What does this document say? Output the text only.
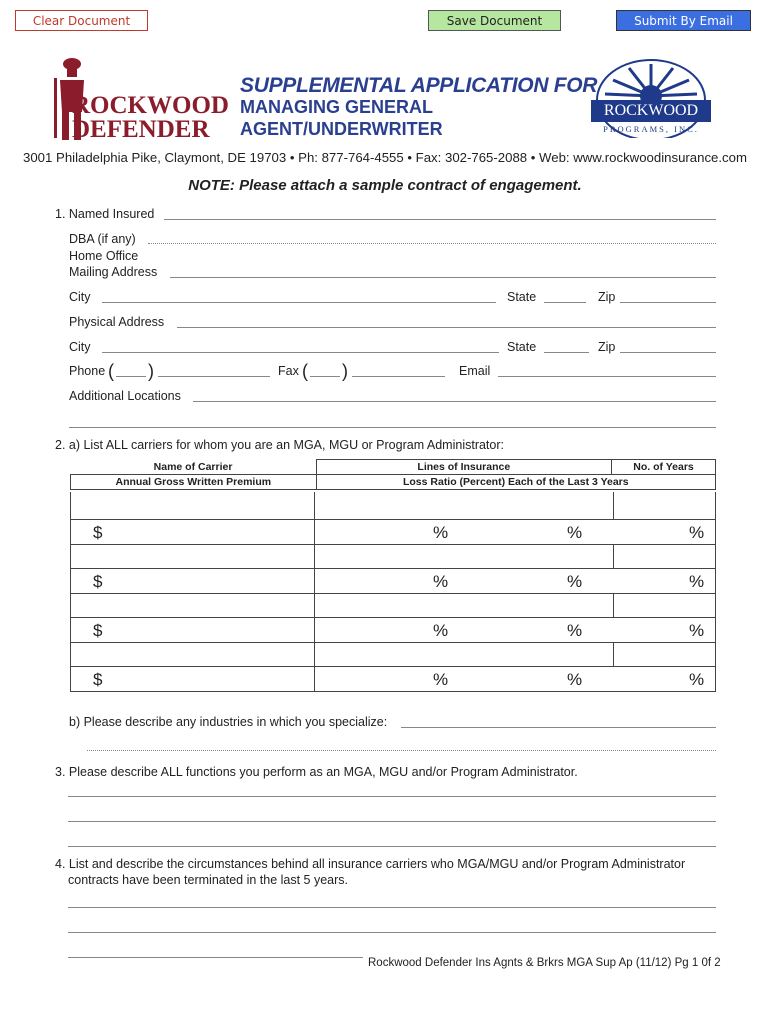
Clear Document	Save Document	Submit By Email
ROCKWOOD
DEFENDER
SUPPLEMENTAL APPLICATION FOR
MANAGING GENERAL
AGENT/UNDERWRITER
ROCKWOOD
PROGRAMS, INC.
3001 Philadelphia Pike, Claymont, DE 19703 • Ph: 877-764-4555 • Fax: 302-765-2088 • Web: www.rockwoodinsurance.com
NOTE: Please attach a sample contract of engagement.
1. Named Insured
DBA (if any)
Home Office
Mailing Address
City	State	Zip
Physical Address
City	State	Zip
Phone ( )	Fax ( )	Email
Additional Locations
2. a) List ALL carriers for whom you are an MGA, MGU or Program Administrator:
Name of Carrier	Lines of Insurance	No. of Years
Annual Gross Written Premium	Loss Ratio (Percent) Each of the Last 3 Years	
$	%	%	%
$	%	%	%
$	%	%	%
$	%	%	%
b) Please describe any industries in which you specialize:
3. Please describe ALL functions you perform as an MGA, MGU and/or Program Administrator.
4. List and describe the circumstances behind all insurance carriers who MGA/MGU and/or Program Administrator
contracts have been terminated in the last 5 years.
Rockwood Defender Ins Agnts & Brkrs MGA Sup Ap (11/12) Pg 1 0f 2
